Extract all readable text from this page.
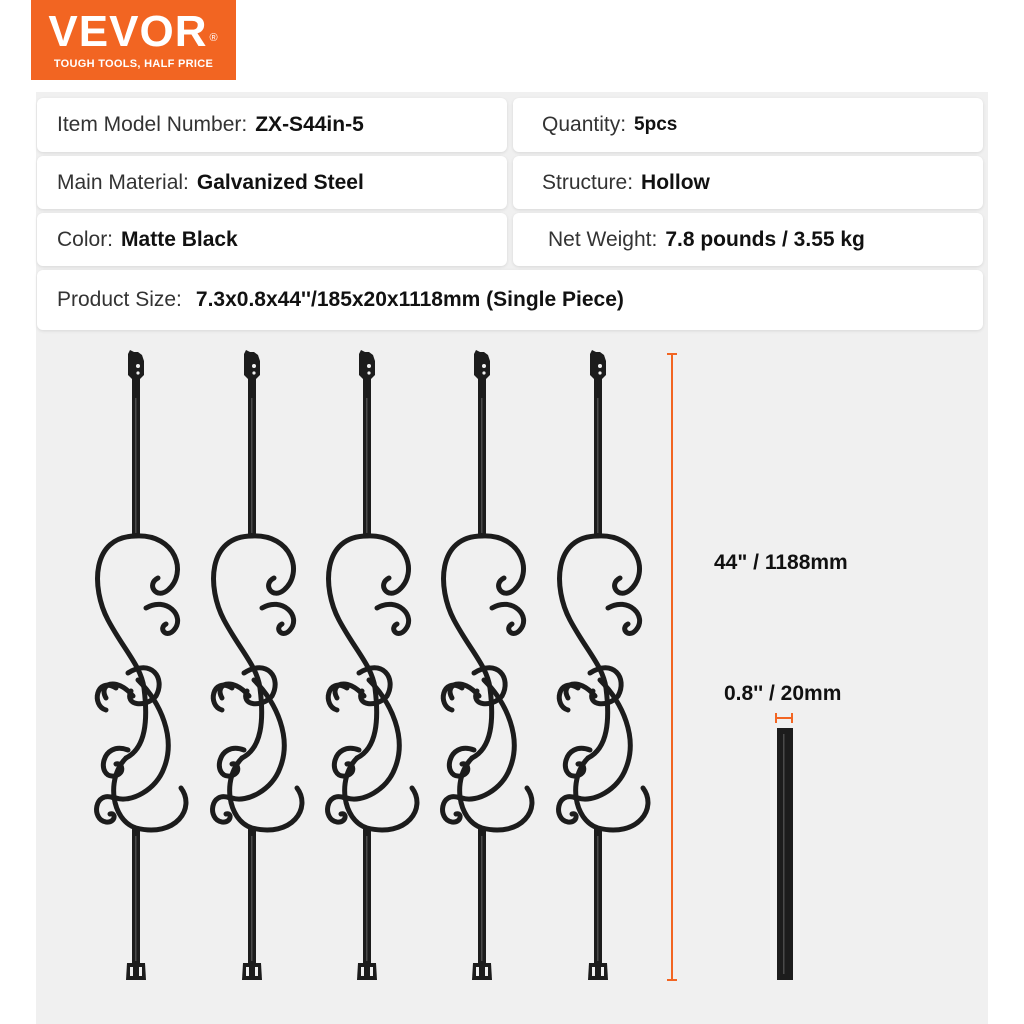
VEVOR ®
TOUGH TOOLS, HALF PRICE
Item Model Number: ZX-S44in-5	Quantity: 5pcs
Main Material: Galvanized Steel	Structure: Hollow
Color: Matte Black	Net Weight: 7.8 pounds / 3.55 kg
Product Size: 7.3x0.8x44''/185x20x1118mm (Single Piece)
44" / 1188mm
0.8'' / 20mm
